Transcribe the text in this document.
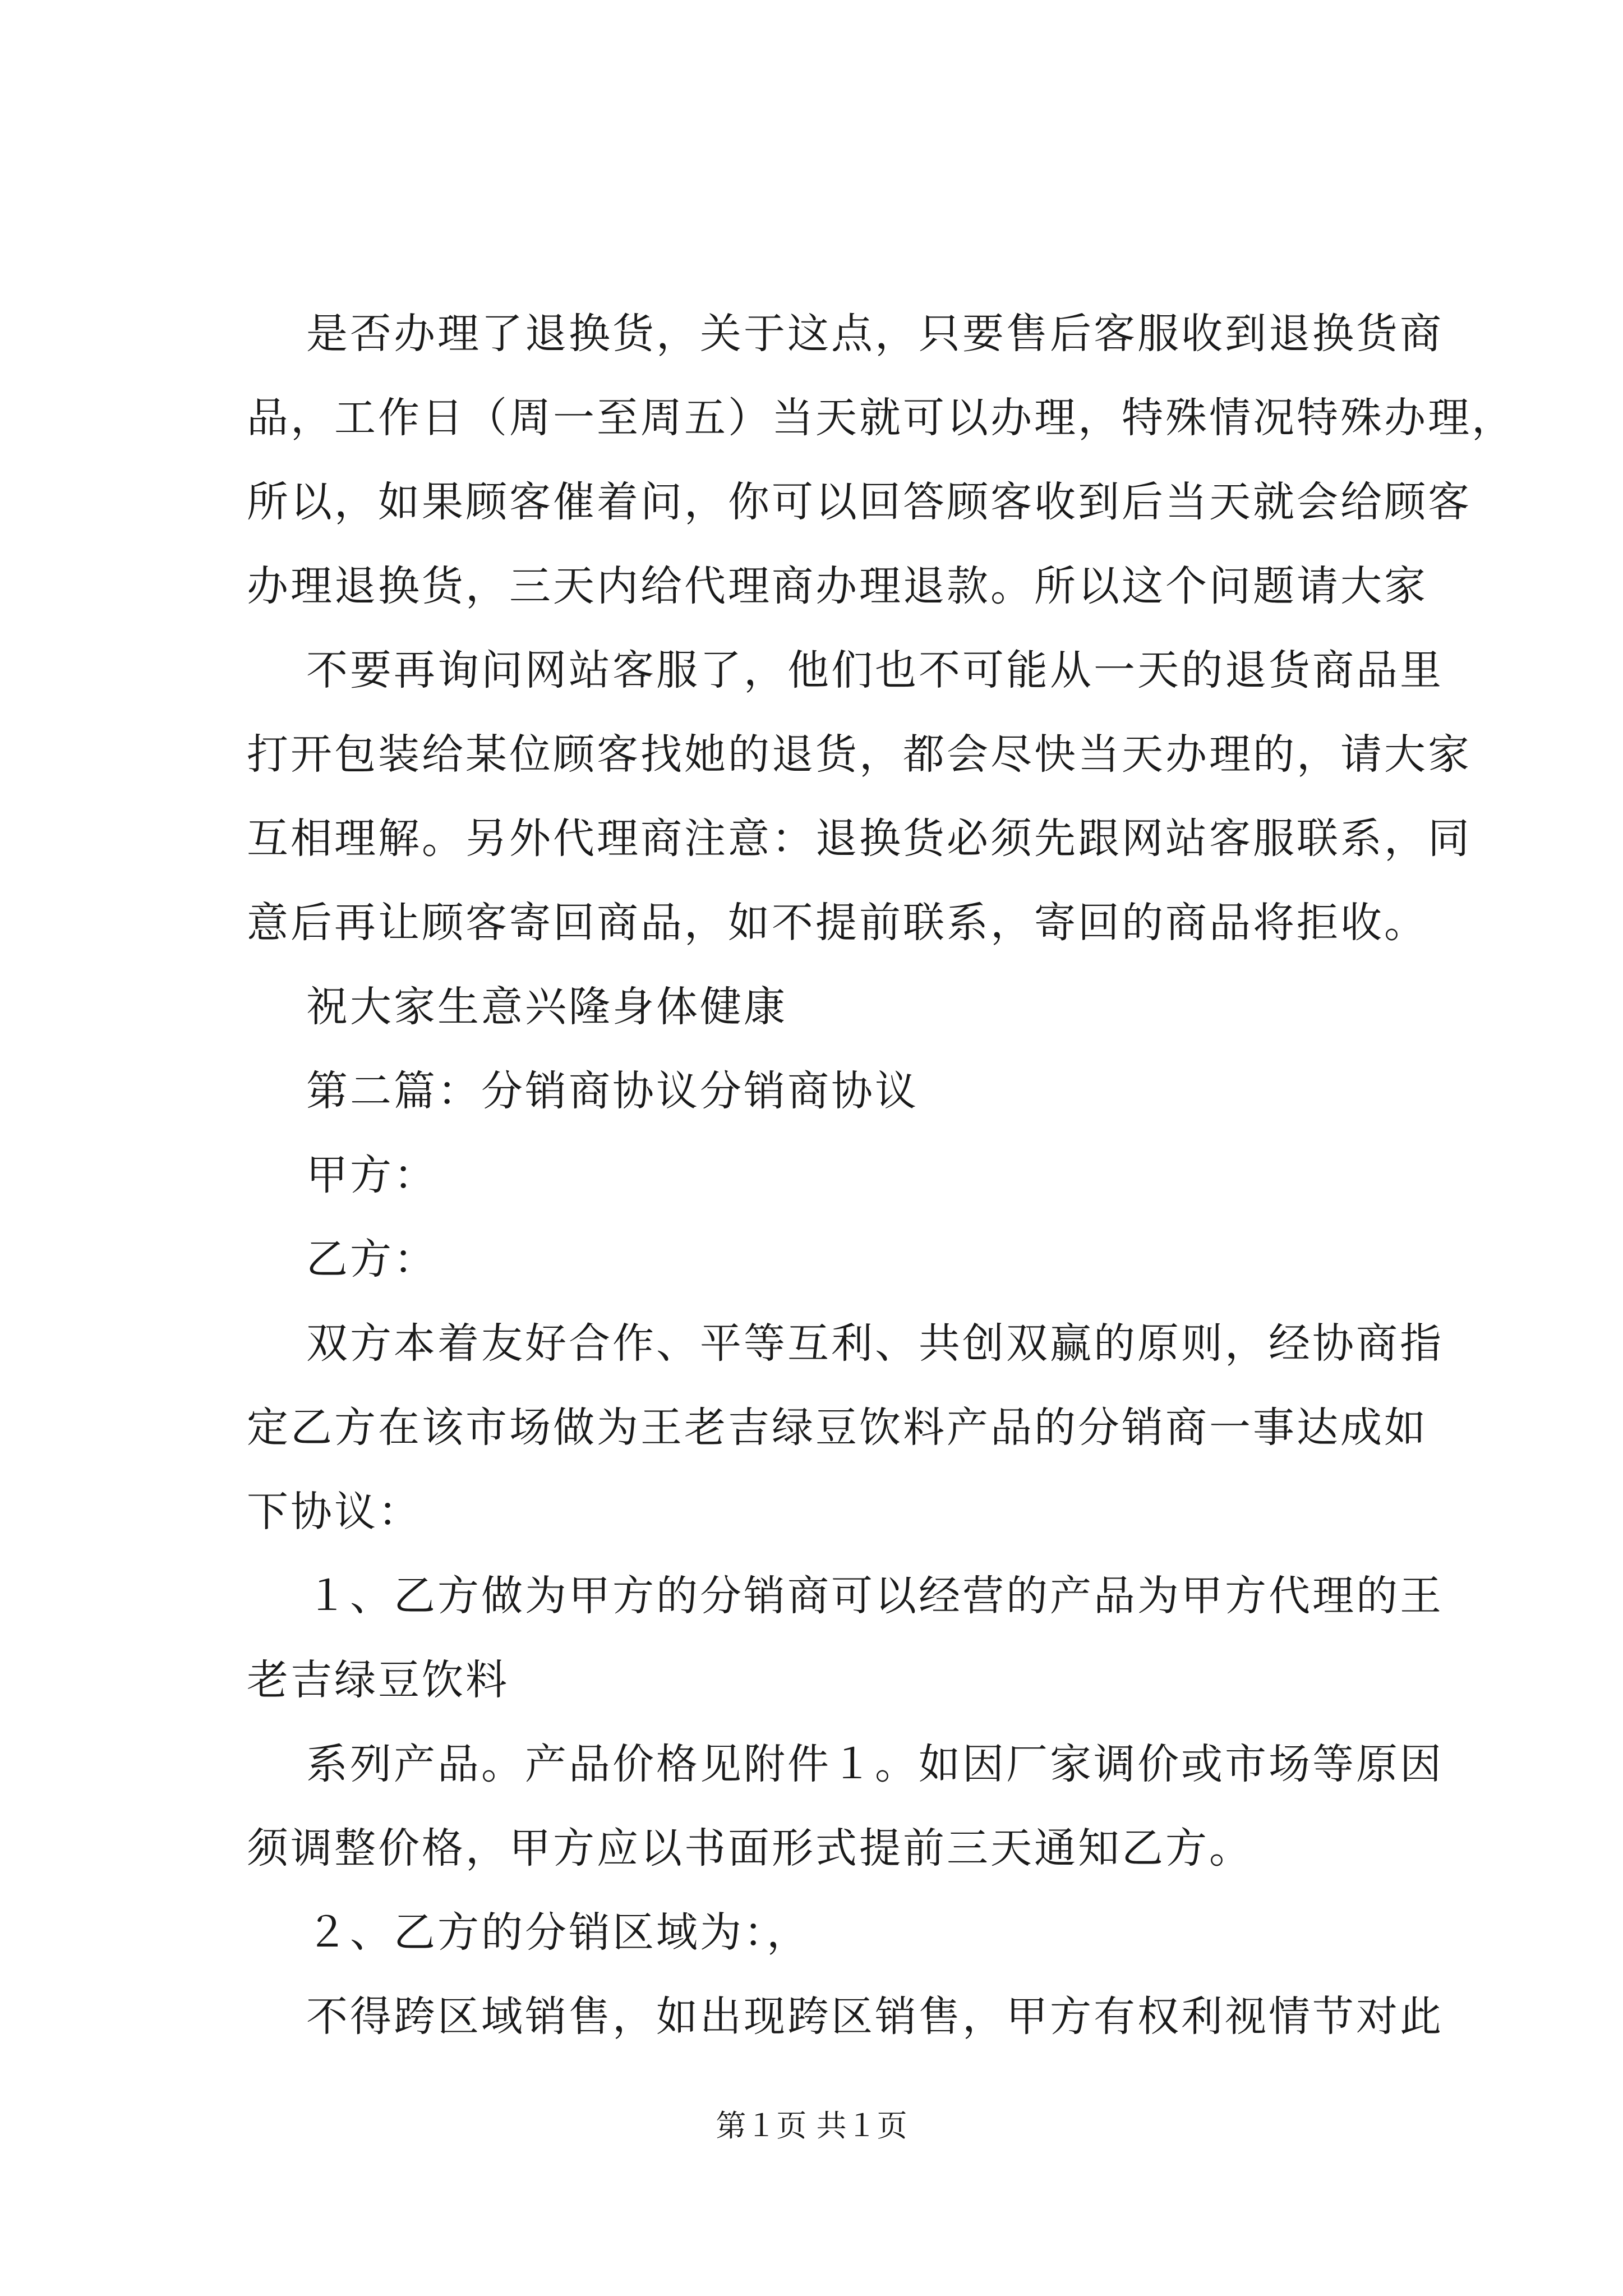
是否办理了退换货，关于这点，只要售后客服收到退换货商
品，工作日（周一至周五）当天就可以办理，特殊情况特殊办理，
所以，如果顾客催着问，你可以回答顾客收到后当天就会给顾客
办理退换货，三天内给代理商办理退款。所以这个问题请大家
不要再询问网站客服了，他们也不可能从一天的退货商品里
打开包装给某位顾客找她的退货，都会尽快当天办理的，请大家
互相理解。另外代理商注意：退换货必须先跟网站客服联系，同
意后再让顾客寄回商品，如不提前联系，寄回的商品将拒收。
祝大家生意兴隆身体健康
第二篇：分销商协议分销商协议
甲方：
乙方：
双方本着友好合作、平等互利、共创双赢的原则，经协商指
定乙方在该市场做为王老吉绿豆饮料产品的分销商一事达成如
下协议：
１、乙方做为甲方的分销商可以经营的产品为甲方代理的王
老吉绿豆饮料
系列产品。产品价格见附件１。如因厂家调价或市场等原因
须调整价格，甲方应以书面形式提前三天通知乙方。
２、乙方的分销区域为：，
不得跨区域销售，如出现跨区销售，甲方有权利视情节对此
第１页 共１页
